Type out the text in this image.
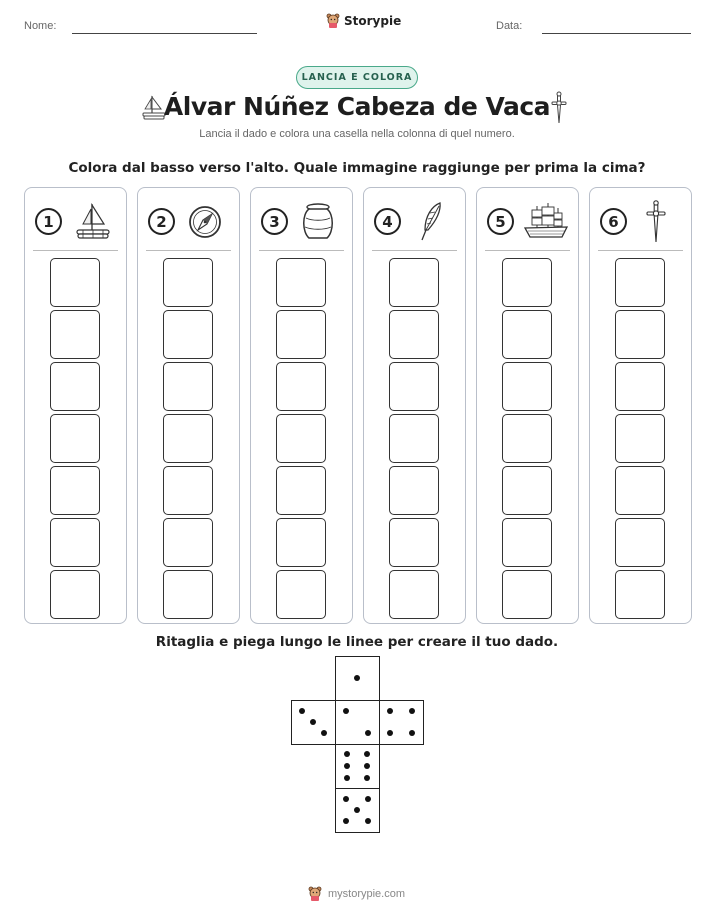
Nome:	Storypie	Data:
LANCIA E COLORA
Álvar Núñez Cabeza de Vaca
Lancia il dado e colora una casella nella colonna di quel numero.
Colora dal basso verso l'alto. Quale immagine raggiunge per prima la cima?
1	2	3	4	5	6
Ritaglia e piega lungo le linee per creare il tuo dado.
mystorypie.com
